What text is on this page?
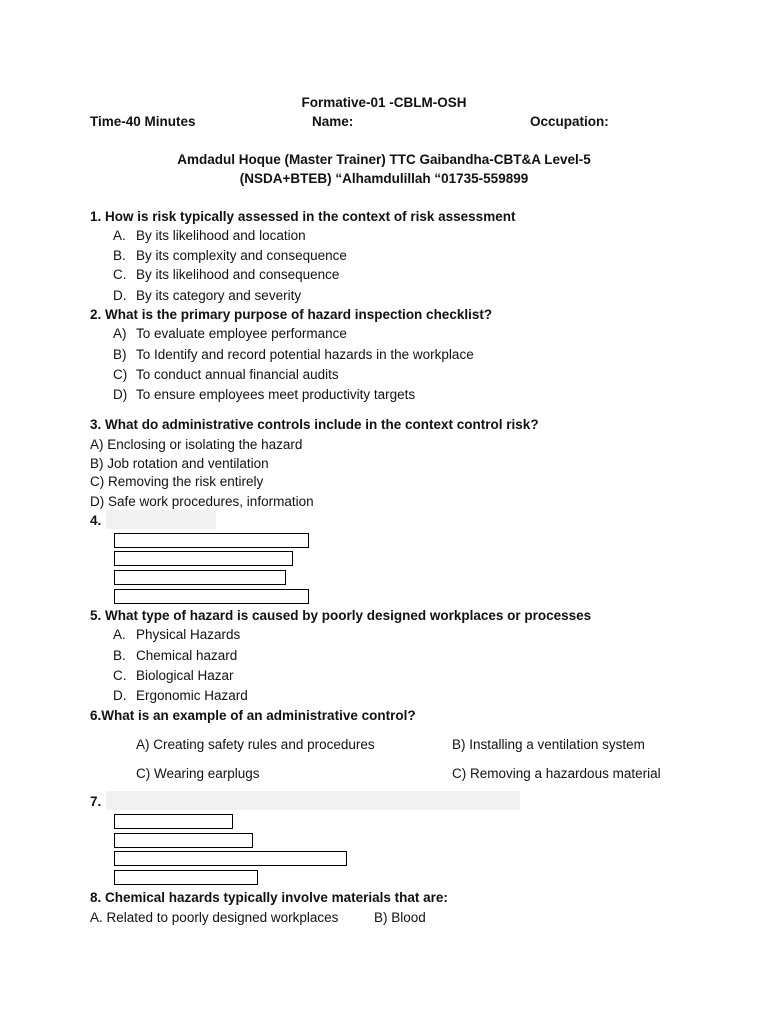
Formative-01 -CBLM-OSH
Time-40 Minutes	Name:	Occupation:
Amdadul Hoque (Master Trainer) TTC Gaibandha-CBT&A Level-5
(NSDA+BTEB) “Alhamdulillah “01735-559899
1. How is risk typically assessed in the context of risk assessment
A. By its likelihood and location
B. By its complexity and consequence
C. By its likelihood and consequence
D. By its category and severity
2. What is the primary purpose of hazard inspection checklist?
A) To evaluate employee performance
B) To Identify and record potential hazards in the workplace
C) To conduct annual financial audits
D) To ensure employees meet productivity targets
3. What do administrative controls include in the context control risk?
A) Enclosing or isolating the hazard
B) Job rotation and ventilation
C) Removing the risk entirely
D) Safe work procedures, information
4.
5. What type of hazard is caused by poorly designed workplaces or processes
A. Physical Hazards
B. Chemical hazard
C. Biological Hazar
D. Ergonomic Hazard
6.What is an example of an administrative control?
A) Creating safety rules and procedures	B) Installing a ventilation system
C) Wearing earplugs	C) Removing a hazardous material
7.
8. Chemical hazards typically involve materials that are:
A. Related to poorly designed workplaces	B) Blood
